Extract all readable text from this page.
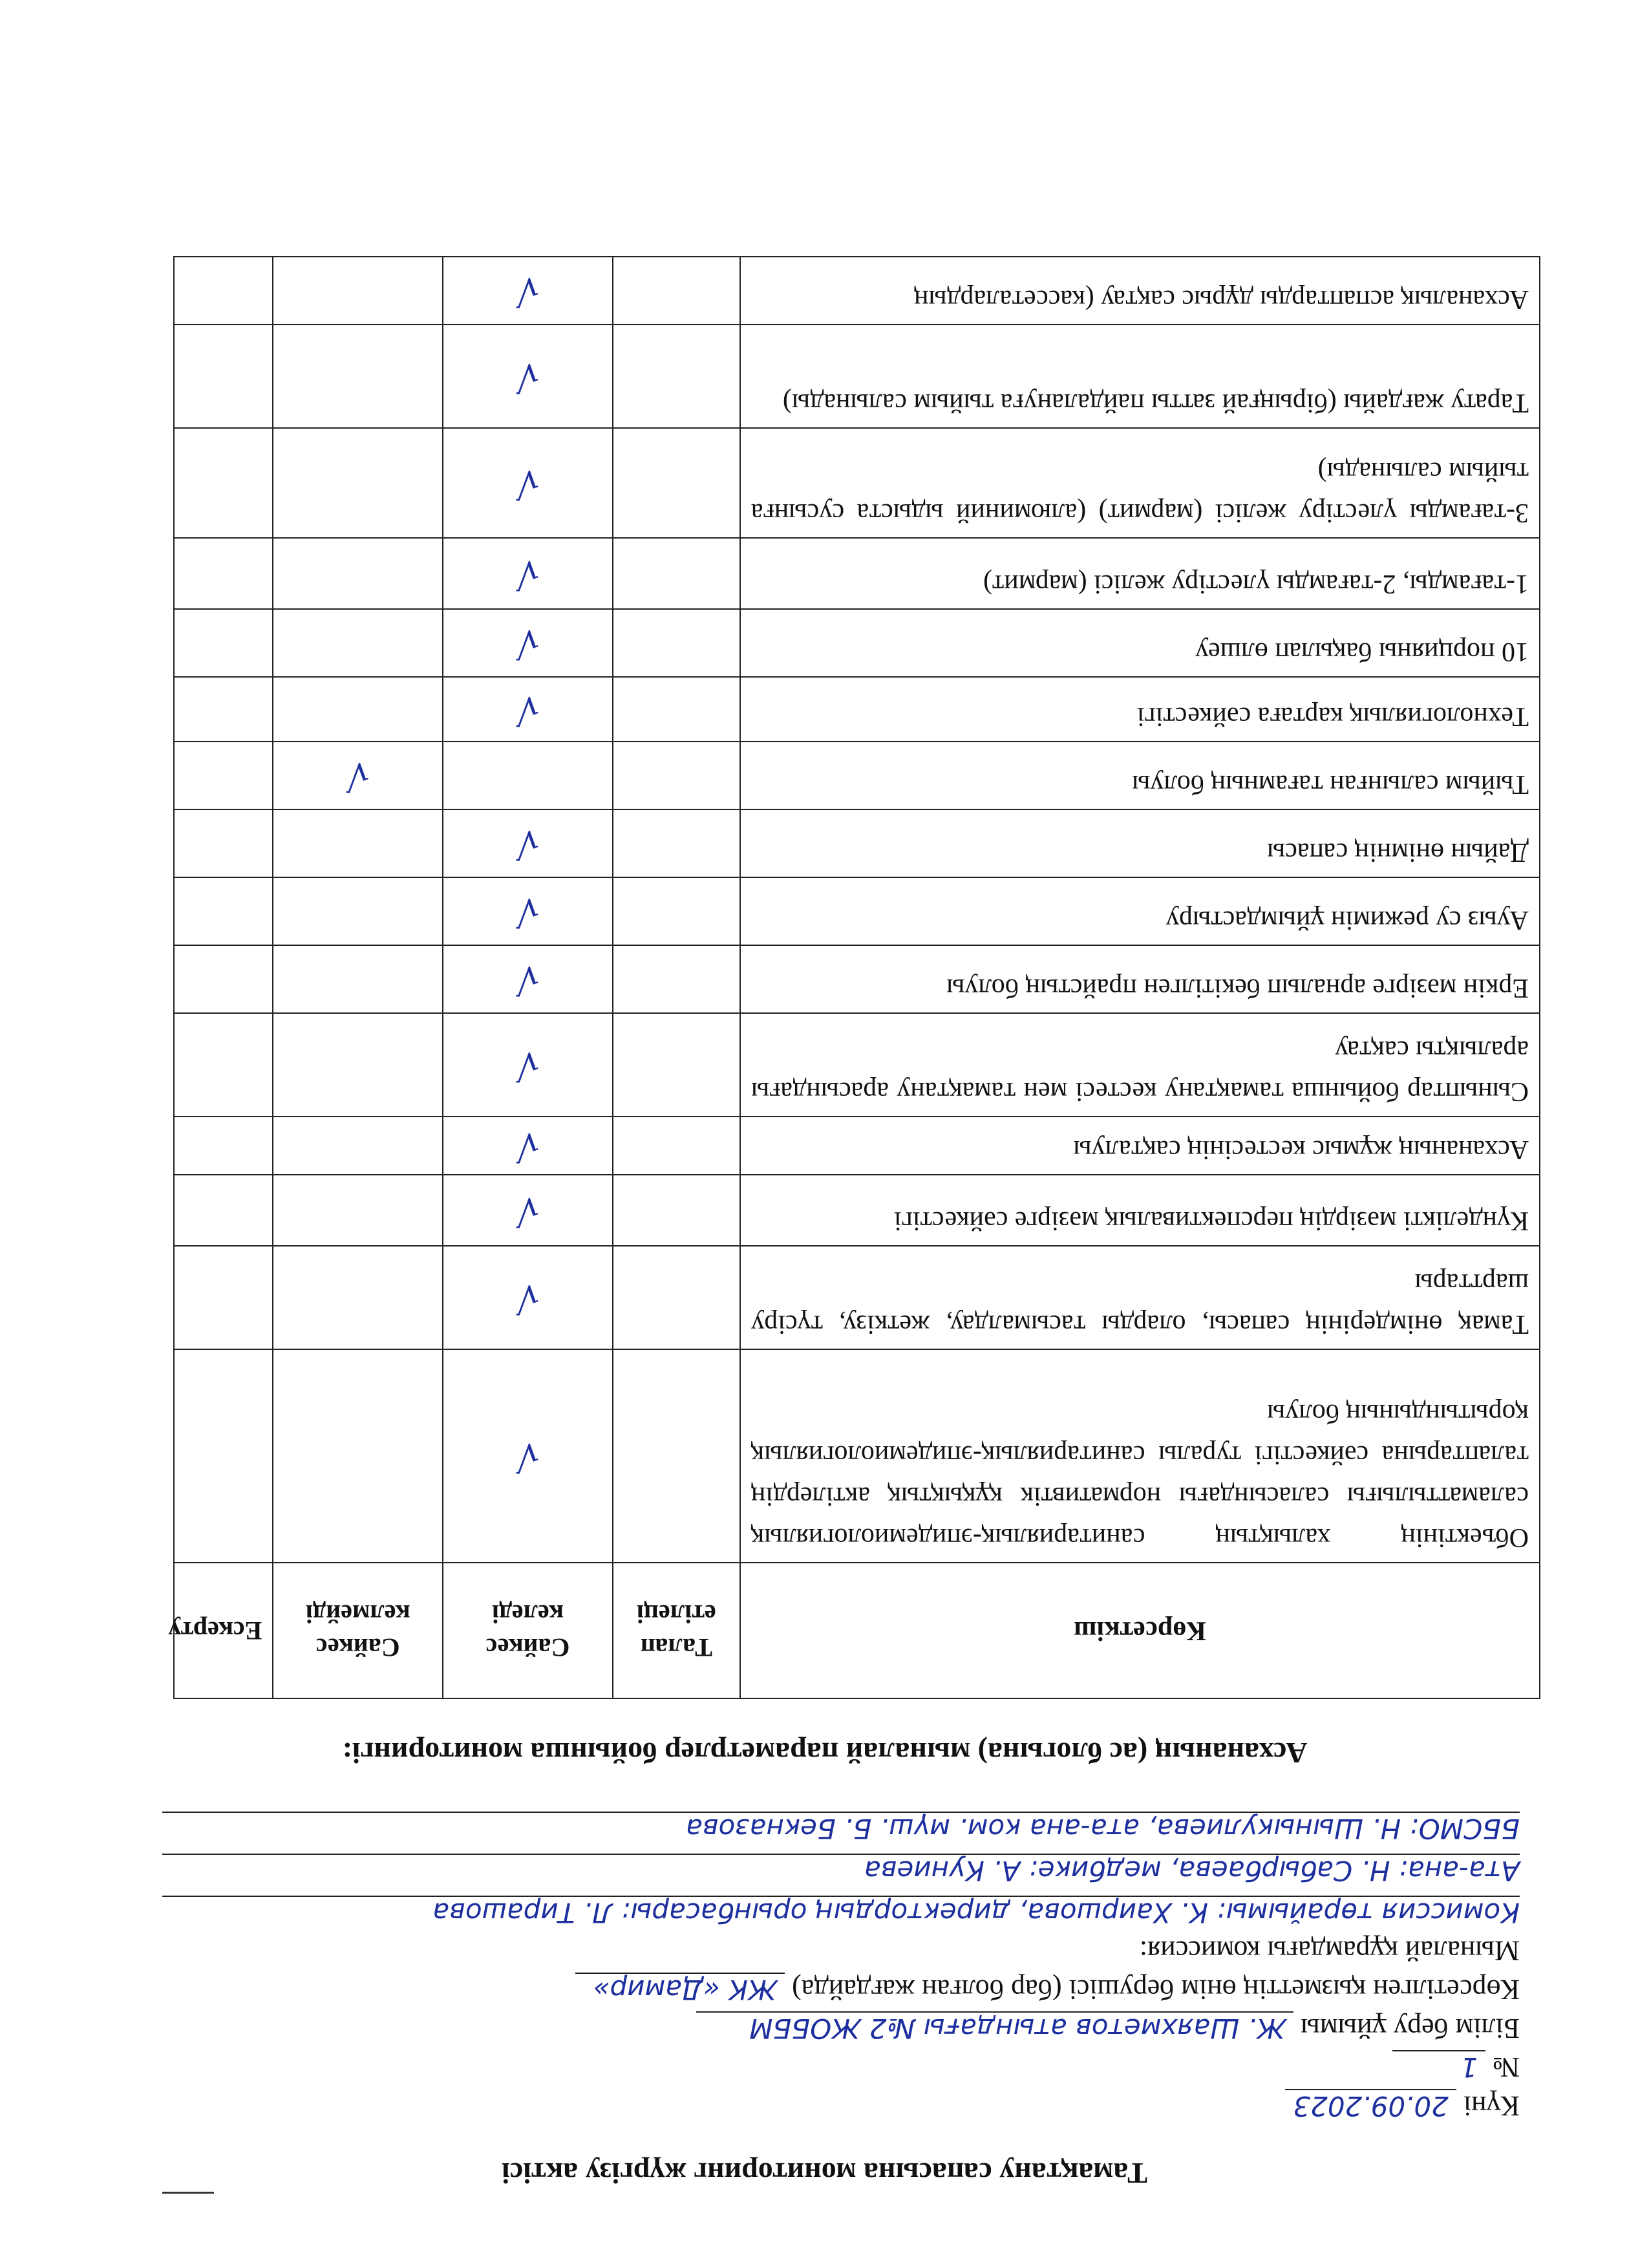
Тамақтану сапасына мониторинг жүргізу актісі
Күні 20.09.2023
№ 1
Білім беру ұйымы Ж. Шаяхметов атындағы №2 ЖОББМ
Көрсетілген қызметтің өнім берушісі (бар болған жағдайда) ЖК «Дамир»
Мыналай құрамдағы комиссия:
Комиссия төрайымы: К. Хаиршова, директордың орынбасары: Л. Тирашова
Ата-ана: Н. Сабырбаева, медбике: А. Куниева
ББСМО: Н. Шыныкулиева, ата-ана ком. мүш. Б. Бекназова
Асхананың (ас блогына) мыналай параметрлер бойынша мониторингі:
Көрсеткіш	Талап етілеці	Сайкес келеді	Сайкес келмейді	Ескерту
Объектінің халықтың санитариялық-эпидемиологиялық саламаттылығы саласындағы нормативтік құқықтық актілердің талаптарына сәйкестігі туралы санитариялық-эпидемиологиялық қорытындының болуы		√		
Тамақ өнімдерінің сапасы, оларды тасымалдау, жеткізу, түсіру шарттары		√		
Күнделікті мәзірдің перспективалық мәзірге сәйкестігі		√		
Асхананың жұмыс кестесінің сақталуы		√		
Сыныптар бойынша тамақтану кестесі мен тамақтану арасындағы аралықты сақтау		√		
Еркін мәзірге арналып бекітілген прайстың болуы		√		
Ауыз су режимін ұйымдастыру		√		
Дайын өнімнің сапасы		√		
Тыйым салынған тағамның болуы			√	
Технологиялық картаға сәйкестігі		√		
10 порцияны бақылап өлшеу		√		
1-тағамды, 2-тағамды үлестіру желісі (мармит)		√		
3-тағамды үлестіру желісі (мармит) (алюминий ыдыста сусынға тыйым салынады)		√		
Тарату жағдайы (бірыңғай затты пайдалануға тыйым салынады)		√		
Асханалық аспаптарды дұрыс сақтау (кассеталардың		√		
